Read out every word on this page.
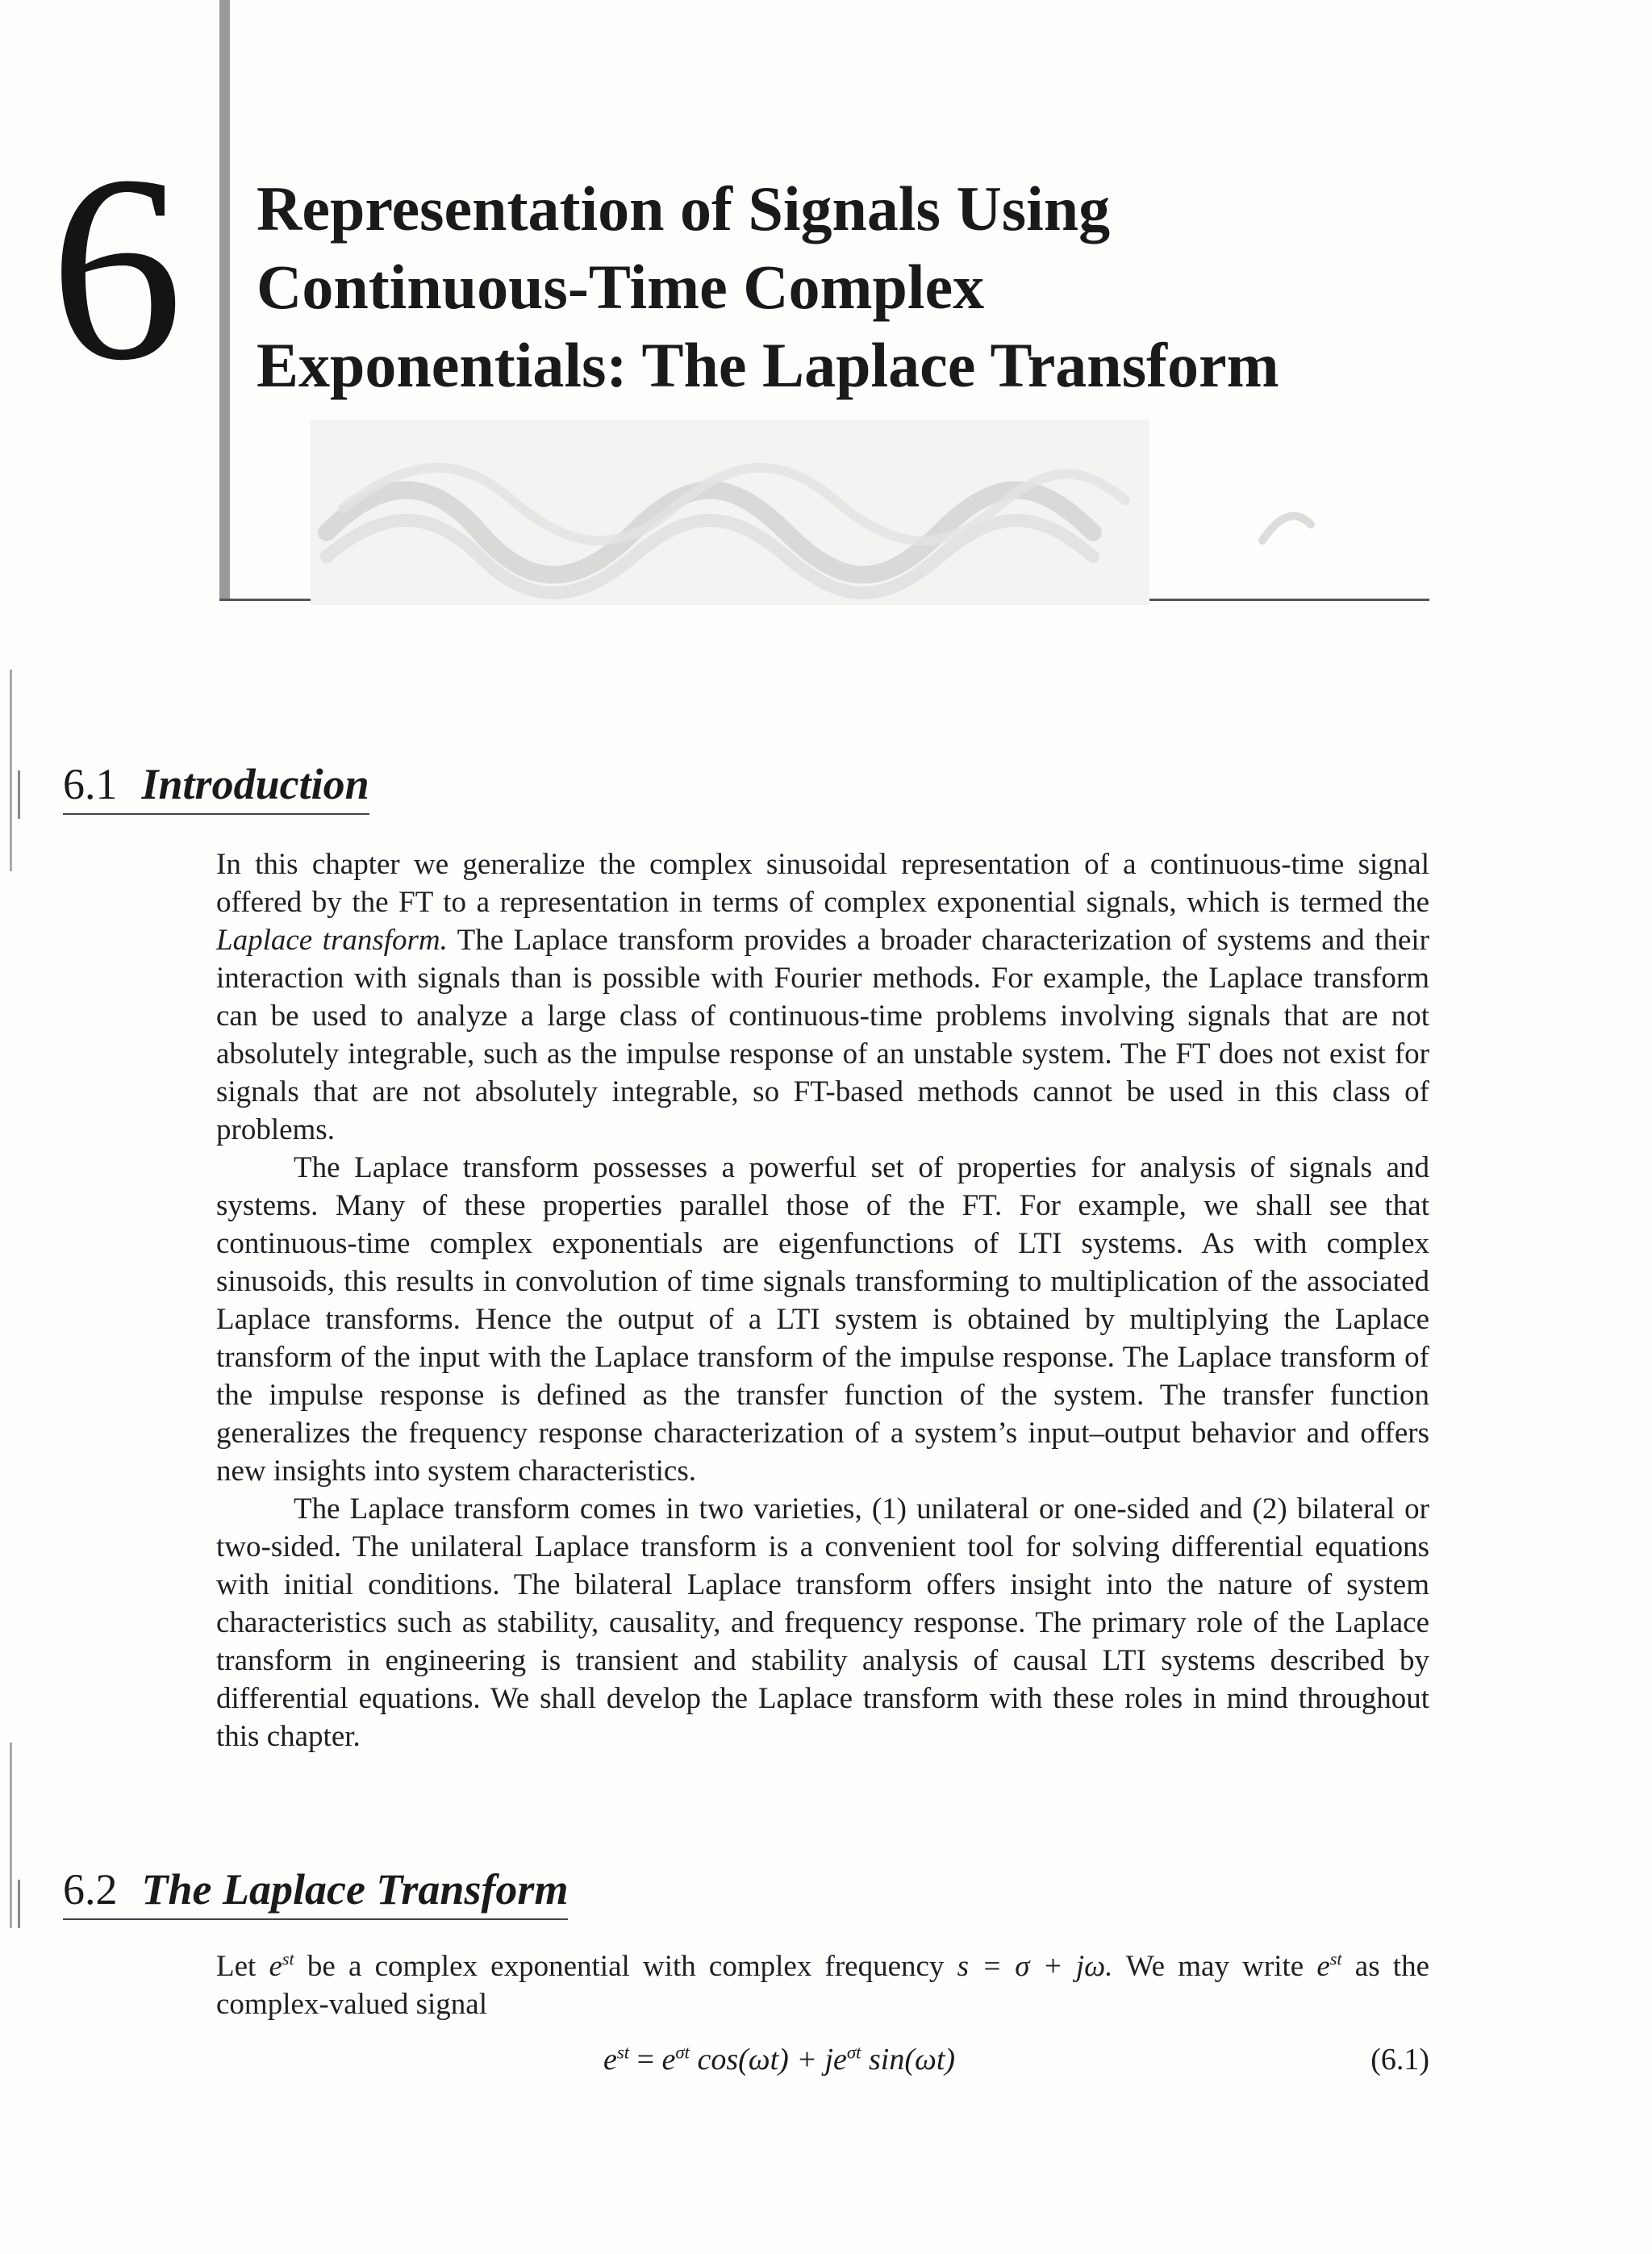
6 Representation of Signals Using
Continuous-Time Complex
Exponentials: The Laplace Transform
6.1 Introduction

In this chapter we generalize the complex sinusoidal representation of a continuous-time signal offered by the FT to a representation in terms of complex exponential signals, which is termed the Laplace transform. The Laplace transform provides a broader characterization of systems and their interaction with signals than is possible with Fourier methods. For example, the Laplace transform can be used to analyze a large class of continuous-time problems involving signals that are not absolutely integrable, such as the impulse response of an unstable system. The FT does not exist for signals that are not absolutely integrable, so FT-based methods cannot be used in this class of problems.

The Laplace transform possesses a powerful set of properties for analysis of signals and systems. Many of these properties parallel those of the FT. For example, we shall see that continuous-time complex exponentials are eigenfunctions of LTI systems. As with complex sinusoids, this results in convolution of time signals transforming to multiplication of the associated Laplace transforms. Hence the output of a LTI system is obtained by multiplying the Laplace transform of the input with the Laplace transform of the impulse response. The Laplace transform of the impulse response is defined as the transfer function of the system. The transfer function generalizes the frequency response characterization of a system’s input–output behavior and offers new insights into system characteristics.

The Laplace transform comes in two varieties, (1) unilateral or one-sided and (2) bilateral or two-sided. The unilateral Laplace transform is a convenient tool for solving differential equations with initial conditions. The bilateral Laplace transform offers insight into the nature of system characteristics such as stability, causality, and frequency response. The primary role of the Laplace transform in engineering is transient and stability analysis of causal LTI systems described by differential equations. We shall develop the Laplace transform with these roles in mind throughout this chapter.

6.2 The Laplace Transform

Let $e^{st}$ be a complex exponential with complex frequency s = σ + jω. We may write $e^{st}$ as the complex-valued signal

$e^{st} = e^{\sigma t}$ $\cos(\omega t) + je^{\sigma t}$ sin(ωt)	(6.1)
